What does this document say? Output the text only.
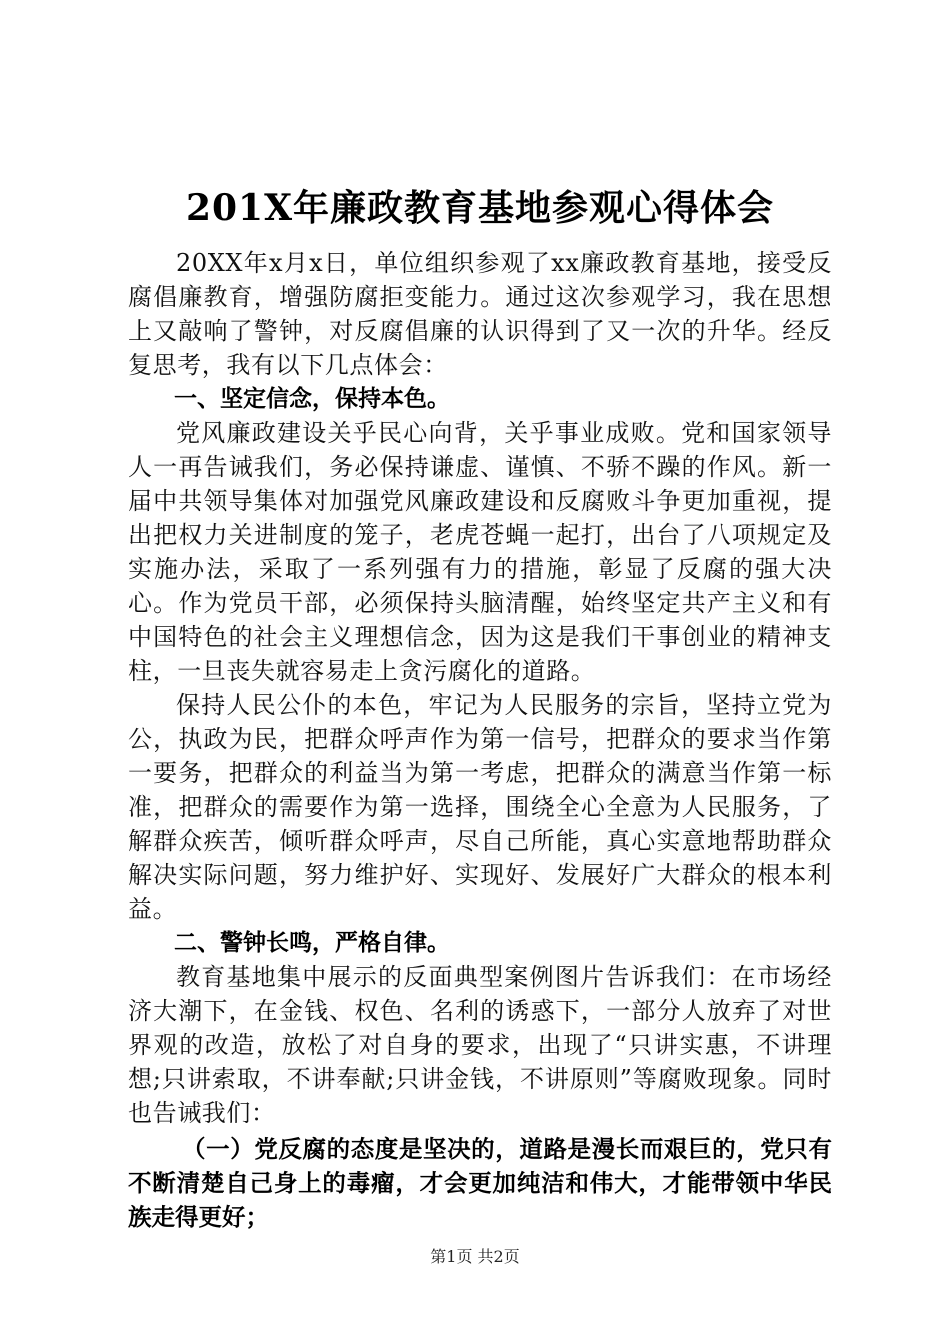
201X年廉政教育基地参观心得体会

20XX年x月x日，单位组织参观了xx廉政教育基地，接受反腐倡廉教育，增强防腐拒变能力。通过这次参观学习，我在思想上又敲响了警钟，对反腐倡廉的认识得到了又一次的升华。经反复思考，我有以下几点体会：

一、坚定信念，保持本色。

党风廉政建设关乎民心向背，关乎事业成败。党和国家领导人一再告诫我们，务必保持谦虚、谨慎、不骄不躁的作风。新一届中共领导集体对加强党风廉政建设和反腐败斗争更加重视，提出把权力关进制度的笼子，老虎苍蝇一起打，出台了八项规定及实施办法，采取了一系列强有力的措施，彰显了反腐的强大决心。作为党员干部，必须保持头脑清醒，始终坚定共产主义和有中国特色的社会主义理想信念，因为这是我们干事创业的精神支柱，一旦丧失就容易走上贪污腐化的道路。

保持人民公仆的本色，牢记为人民服务的宗旨，坚持立党为公，执政为民，把群众呼声作为第一信号，把群众的要求当作第一要务，把群众的利益当为第一考虑，把群众的满意当作第一标准，把群众的需要作为第一选择，围绕全心全意为人民服务，了解群众疾苦，倾听群众呼声，尽自己所能，真心实意地帮助群众解决实际问题，努力维护好、实现好、发展好广大群众的根本利益。

二、警钟长鸣，严格自律。

教育基地集中展示的反面典型案例图片告诉我们：在市场经济大潮下，在金钱、权色、名利的诱惑下，一部分人放弃了对世界观的改造，放松了对自身的要求，出现了“只讲实惠，不讲理想;只讲索取，不讲奉献;只讲金钱，不讲原则”等腐败现象。同时也告诫我们：

（一）党反腐的态度是坚决的，道路是漫长而艰巨的，党只有不断清楚自己身上的毒瘤，才会更加纯洁和伟大，才能带领中华民族走得更好；

第1页 共2页
